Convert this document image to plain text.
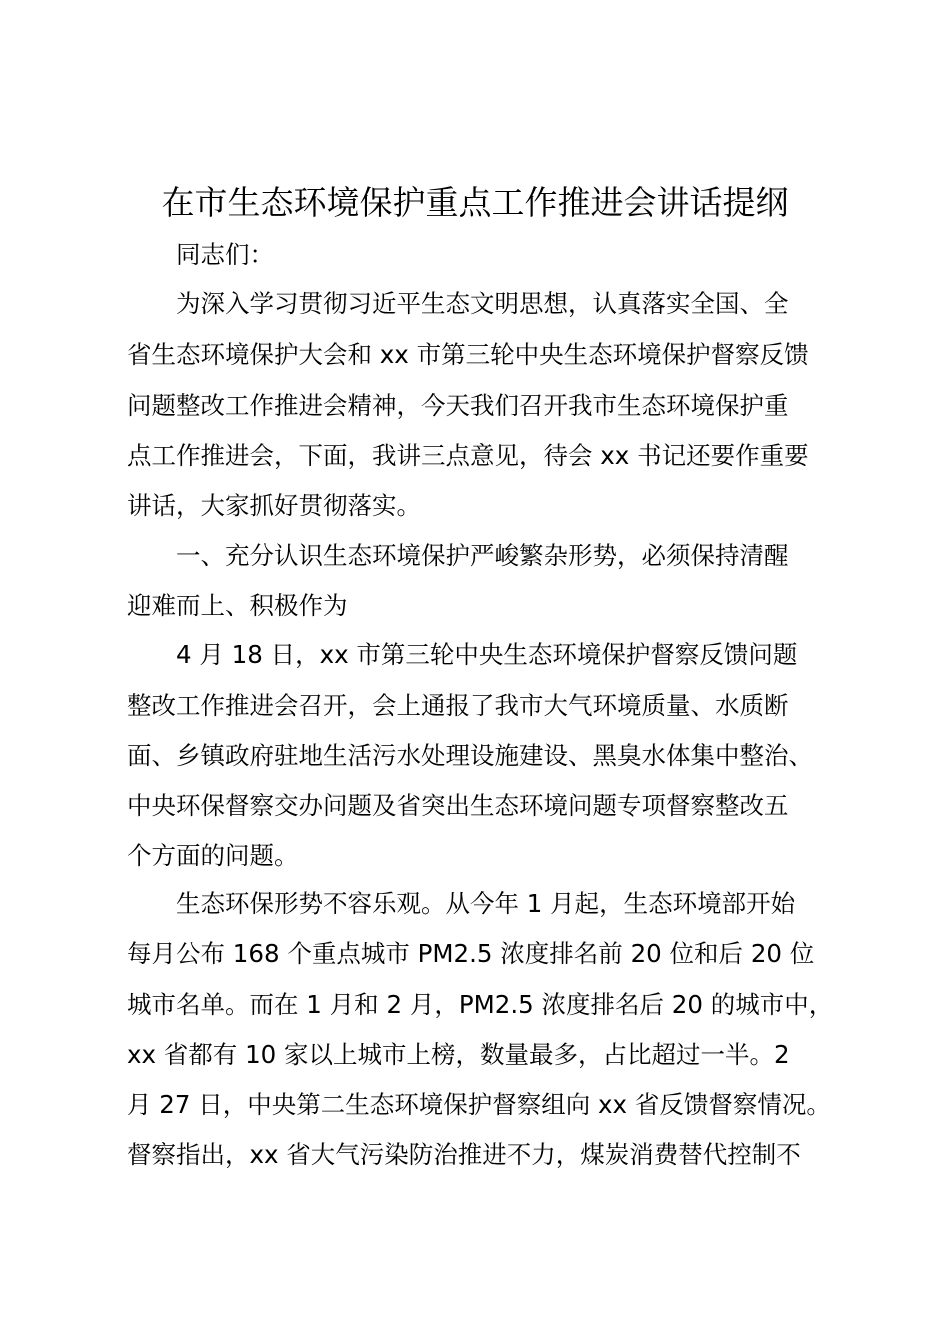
在市生态环境保护重点工作推进会讲话提纲
同志们：
为深入学习贯彻习近平生态文明思想，认真落实全国、全
省生态环境保护大会和 xx 市第三轮中央生态环境保护督察反馈
问题整改工作推进会精神，今天我们召开我市生态环境保护重
点工作推进会，下面，我讲三点意见，待会 xx 书记还要作重要
讲话，大家抓好贯彻落实。
一、充分认识生态环境保护严峻繁杂形势，必须保持清醒
迎难而上、积极作为
4 月 18 日，xx 市第三轮中央生态环境保护督察反馈问题
整改工作推进会召开，会上通报了我市大气环境质量、水质断
面、乡镇政府驻地生活污水处理设施建设、黑臭水体集中整治、
中央环保督察交办问题及省突出生态环境问题专项督察整改五
个方面的问题。
生态环保形势不容乐观。从今年 1 月起，生态环境部开始
每月公布 168 个重点城市 PM2.5 浓度排名前 20 位和后 20 位
城市名单。而在 1 月和 2 月，PM2.5 浓度排名后 20 的城市中，
xx 省都有 10 家以上城市上榜，数量最多，占比超过一半。2
月 27 日，中央第二生态环境保护督察组向 xx 省反馈督察情况。
督察指出，xx 省大气污染防治推进不力，煤炭消费替代控制不
